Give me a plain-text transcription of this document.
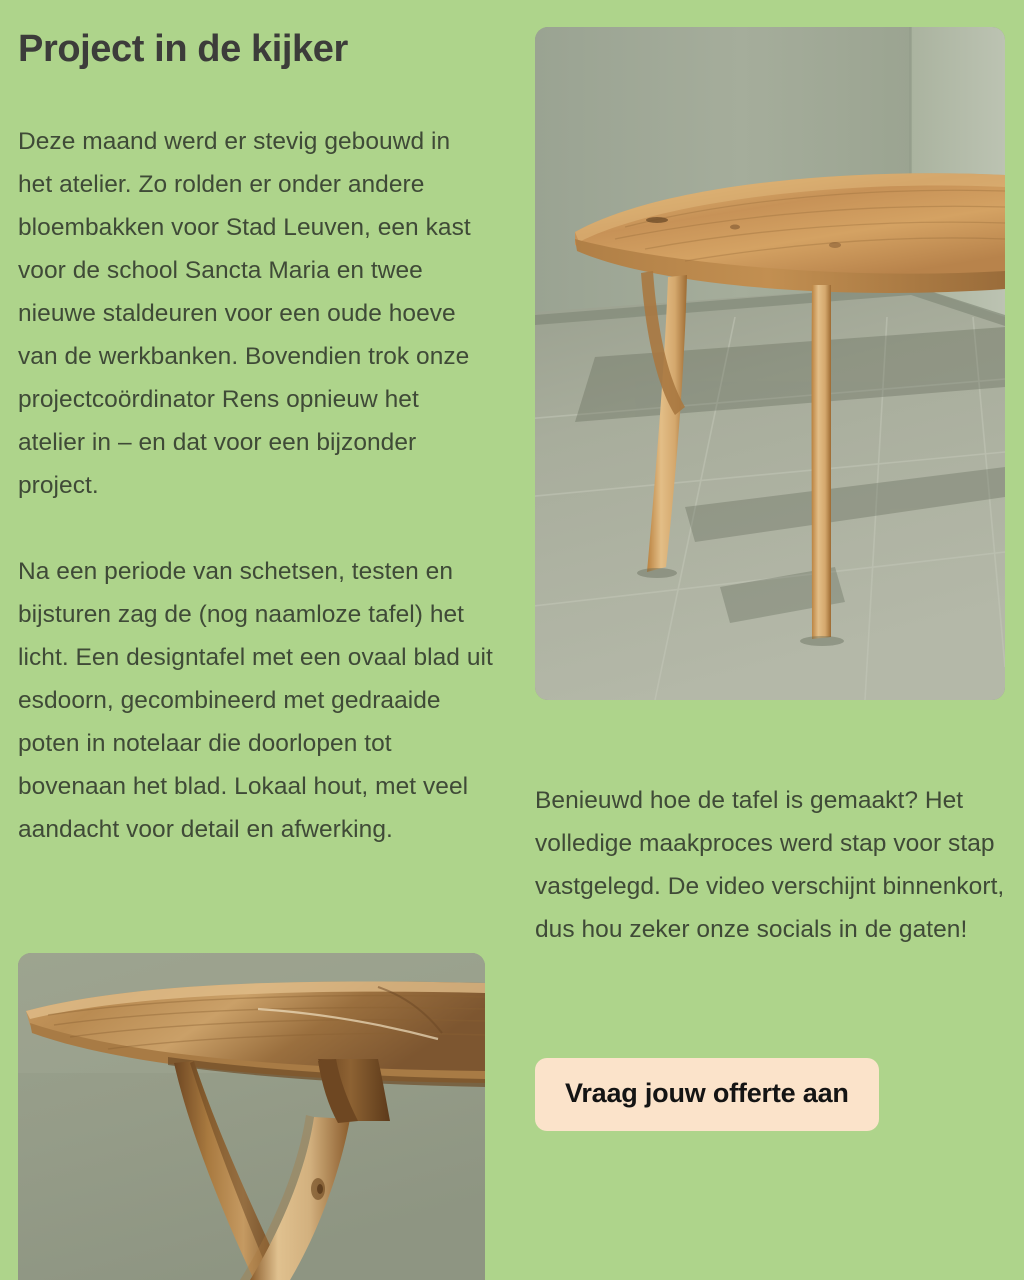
Project in de kijker

Deze maand werd er stevig gebouwd in het atelier. Zo rolden er onder andere bloembakken voor Stad Leuven, een kast voor de school Sancta Maria en twee nieuwe staldeuren voor een oude hoeve van de werkbanken. Bovendien trok onze projectcoördinator Rens opnieuw het atelier in – en dat voor een bijzonder project.

Na een periode van schetsen, testen en bijsturen zag de (nog naamloze tafel) het licht. Een designtafel met een ovaal blad uit esdoorn, gecombineerd met gedraaide poten in notelaar die doorlopen tot bovenaan het blad. Lokaal hout, met veel aandacht voor detail en afwerking.

Benieuwd hoe de tafel is gemaakt? Het volledige maakproces werd stap voor stap vastgelegd. De video verschijnt binnenkort, dus hou zeker onze socials in de gaten!

Vraag jouw offerte aan
